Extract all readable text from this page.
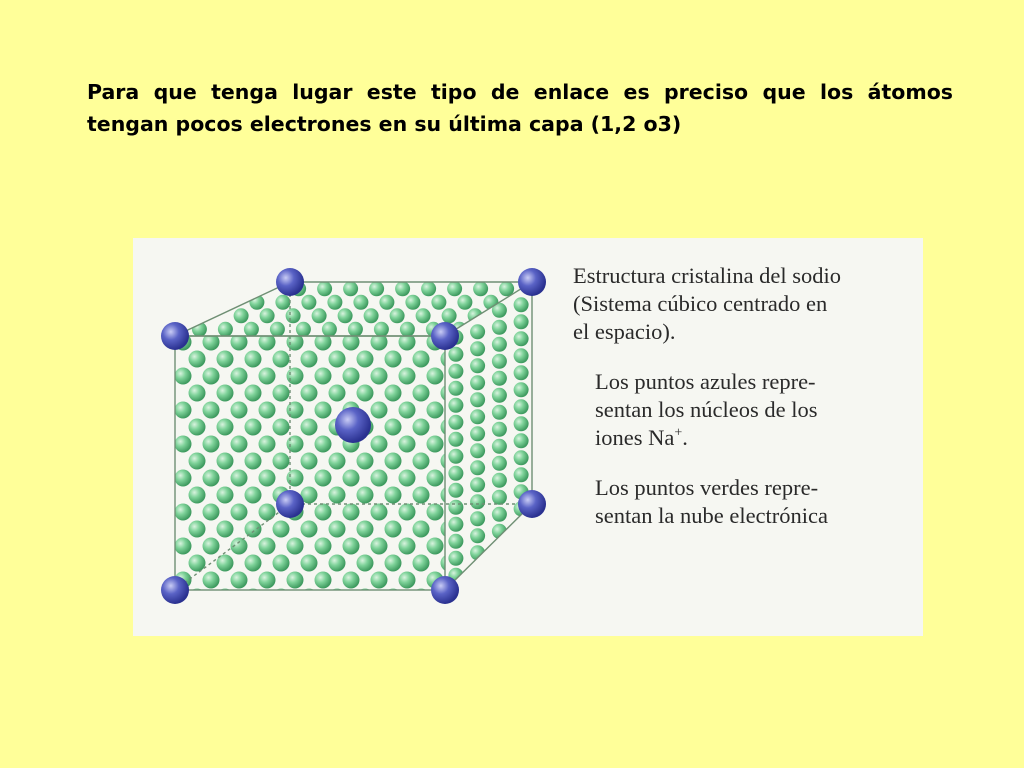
Para que tenga lugar este tipo de enlace es preciso que los átomos tengan pocos electrones en su última capa (1,2 o3)

Estructura cristalina del sodio
(Sistema cúbico centrado en
el espacio).

Los puntos azules repre-
sentan los núcleos de los
iones Na+.

Los puntos verdes repre-
sentan la nube electrónica
